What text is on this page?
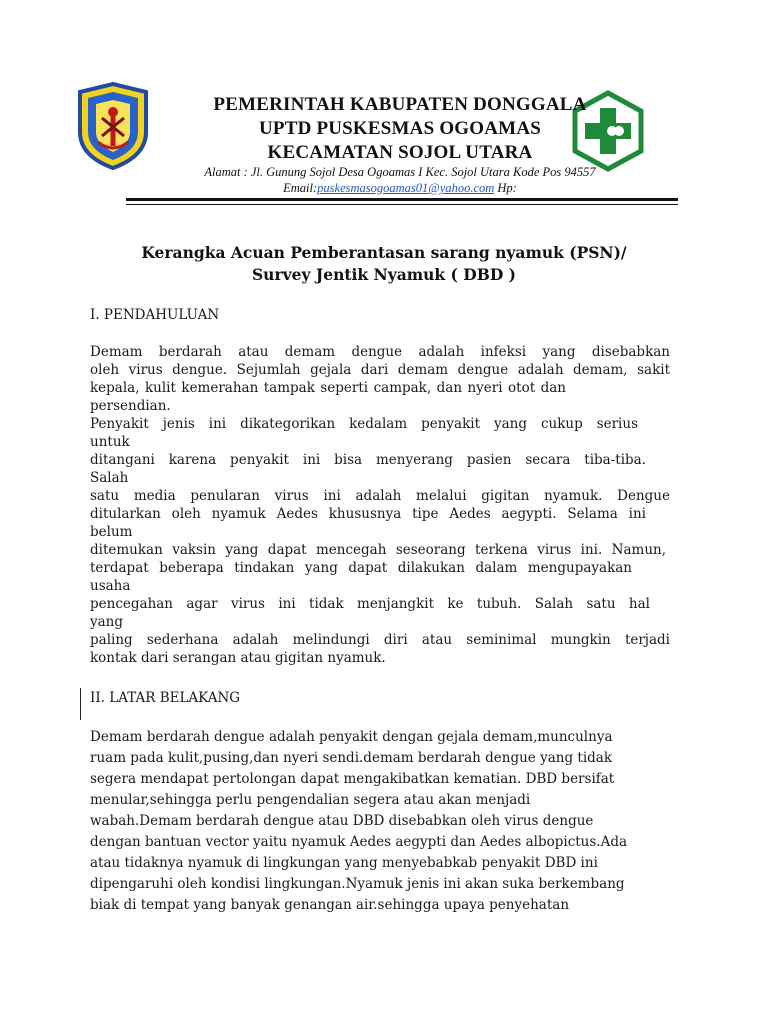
PEMERINTAH KABUPATEN DONGGALA
UPTD PUSKESMAS OGOAMAS
KECAMATAN SOJOL UTARA
Alamat : Jl. Gunung Sojol Desa Ogoamas I Kec. Sojol Utara Kode Pos 94557
Email:puskesmasogoamas01@yahoo.com Hp:
Kerangka Acuan Pemberantasan sarang nyamuk (PSN)/
Survey Jentik Nyamuk ( DBD )
I. PENDAHULUAN
Demam berdarah atau demam dengue adalah infeksi yang disebabkan
oleh virus dengue. Sejumlah gejala dari demam dengue adalah demam, sakit
kepala, kulit kemerahan tampak seperti campak, dan nyeri otot dan
persendian.
Penyakit jenis ini dikategorikan kedalam penyakit yang cukup serius
untuk
ditangani karena penyakit ini bisa menyerang pasien secara tiba-tiba.
Salah
satu media penularan virus ini adalah melalui gigitan nyamuk. Dengue
ditularkan oleh nyamuk Aedes khususnya tipe Aedes aegypti. Selama ini
belum
ditemukan vaksin yang dapat mencegah seseorang terkena virus ini. Namun,
terdapat beberapa tindakan yang dapat dilakukan dalam mengupayakan
usaha
pencegahan agar virus ini tidak menjangkit ke tubuh. Salah satu hal
yang
paling sederhana adalah melindungi diri atau seminimal mungkin terjadi
kontak dari serangan atau gigitan nyamuk.
II. LATAR BELAKANG
Demam berdarah dengue adalah penyakit dengan gejala demam,munculnya
ruam pada kulit,pusing,dan nyeri sendi.demam berdarah dengue yang tidak
segera mendapat pertolongan dapat mengakibatkan kematian. DBD bersifat
menular,sehingga perlu pengendalian segera atau akan menjadi
wabah.Demam berdarah dengue atau DBD disebabkan oleh virus dengue
dengan bantuan vector yaitu nyamuk Aedes aegypti dan Aedes albopictus.Ada
atau tidaknya nyamuk di lingkungan yang menyebabkab penyakit DBD ini
dipengaruhi oleh kondisi lingkungan.Nyamuk jenis ini akan suka berkembang
biak di tempat yang banyak genangan air.sehingga upaya penyehatan
